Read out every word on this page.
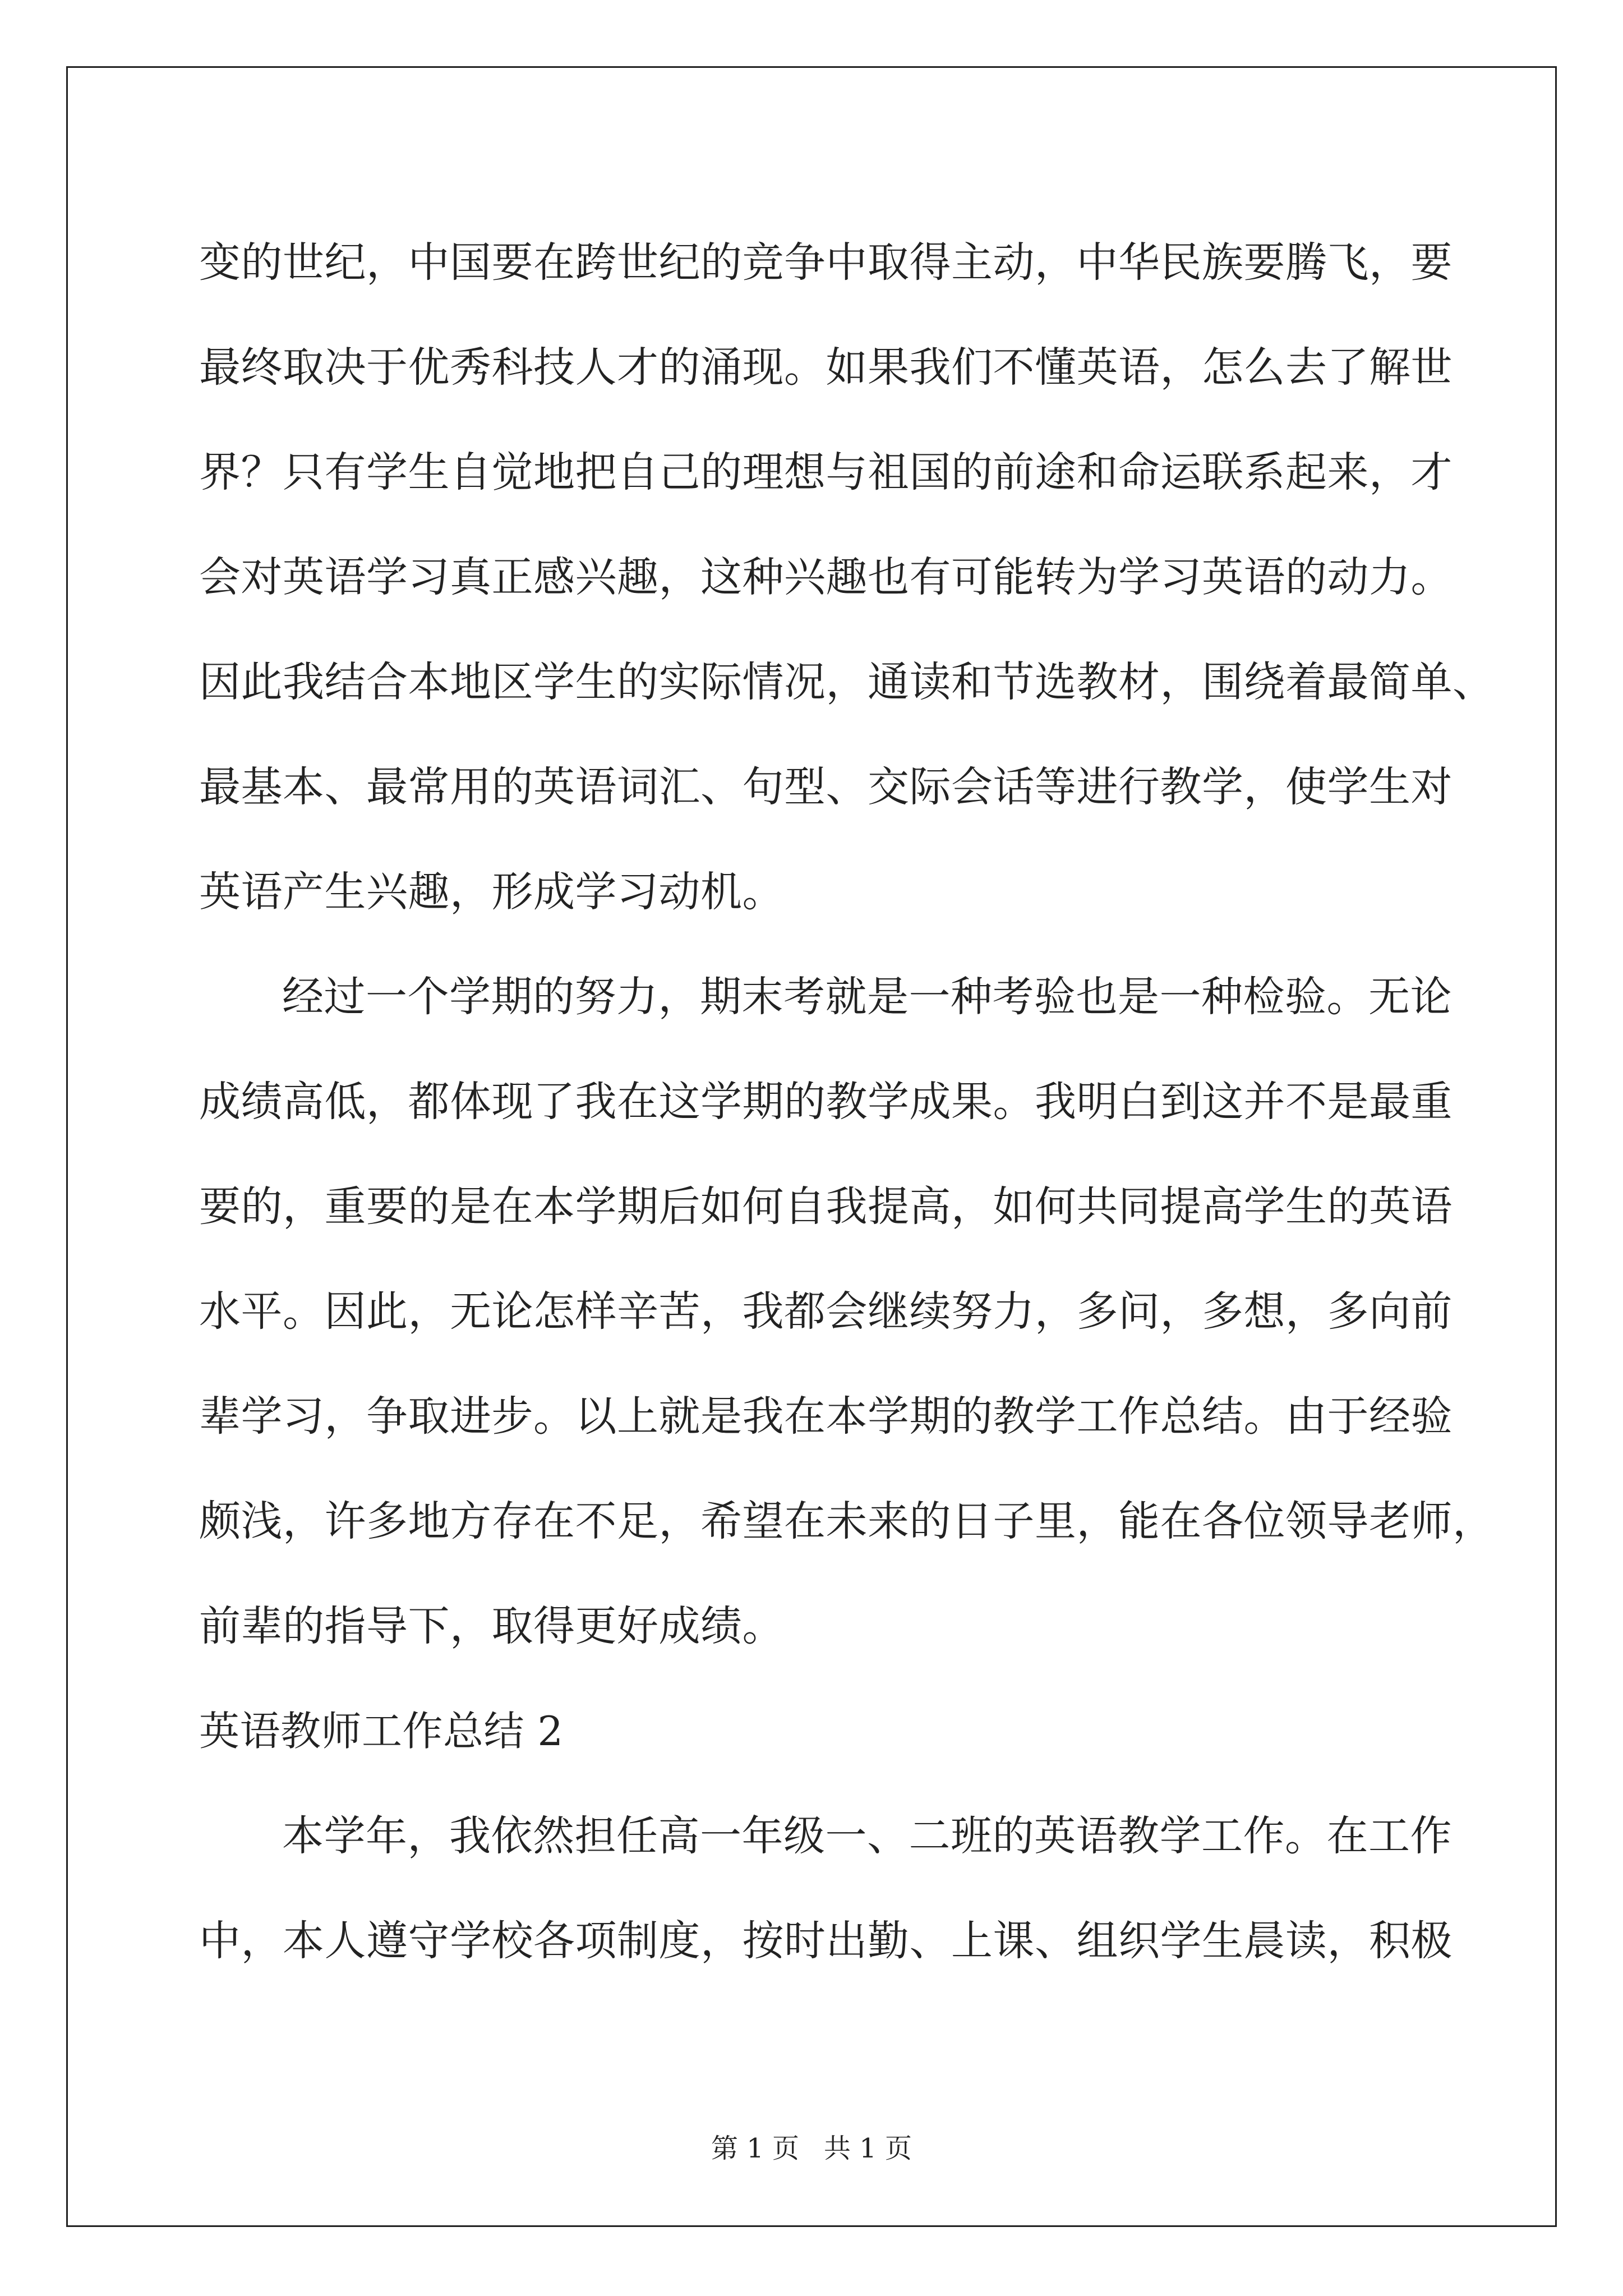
变的世纪，中国要在跨世纪的竞争中取得主动，中华民族要腾飞，要
最终取决于优秀科技人才的涌现。如果我们不懂英语，怎么去了解世
界？只有学生自觉地把自己的理想与祖国的前途和命运联系起来，才
会对英语学习真正感兴趣，这种兴趣也有可能转为学习英语的动力。
因此我结合本地区学生的实际情况，通读和节选教材，围绕着最简单、
最基本、最常用的英语词汇、句型、交际会话等进行教学，使学生对
英语产生兴趣，形成学习动机。
经过一个学期的努力，期末考就是一种考验也是一种检验。无论
成绩高低，都体现了我在这学期的教学成果。我明白到这并不是最重
要的，重要的是在本学期后如何自我提高，如何共同提高学生的英语
水平。因此，无论怎样辛苦，我都会继续努力，多问，多想，多向前
辈学习，争取进步。以上就是我在本学期的教学工作总结。由于经验
颇浅，许多地方存在不足，希望在未来的日子里，能在各位领导老师，
前辈的指导下，取得更好成绩。
英语教师工作总结 2
本学年，我依然担任高一年级一、二班的英语教学工作。在工作
中，本人遵守学校各项制度，按时出勤、上课、组织学生晨读，积极
第 1 页 共 1 页
